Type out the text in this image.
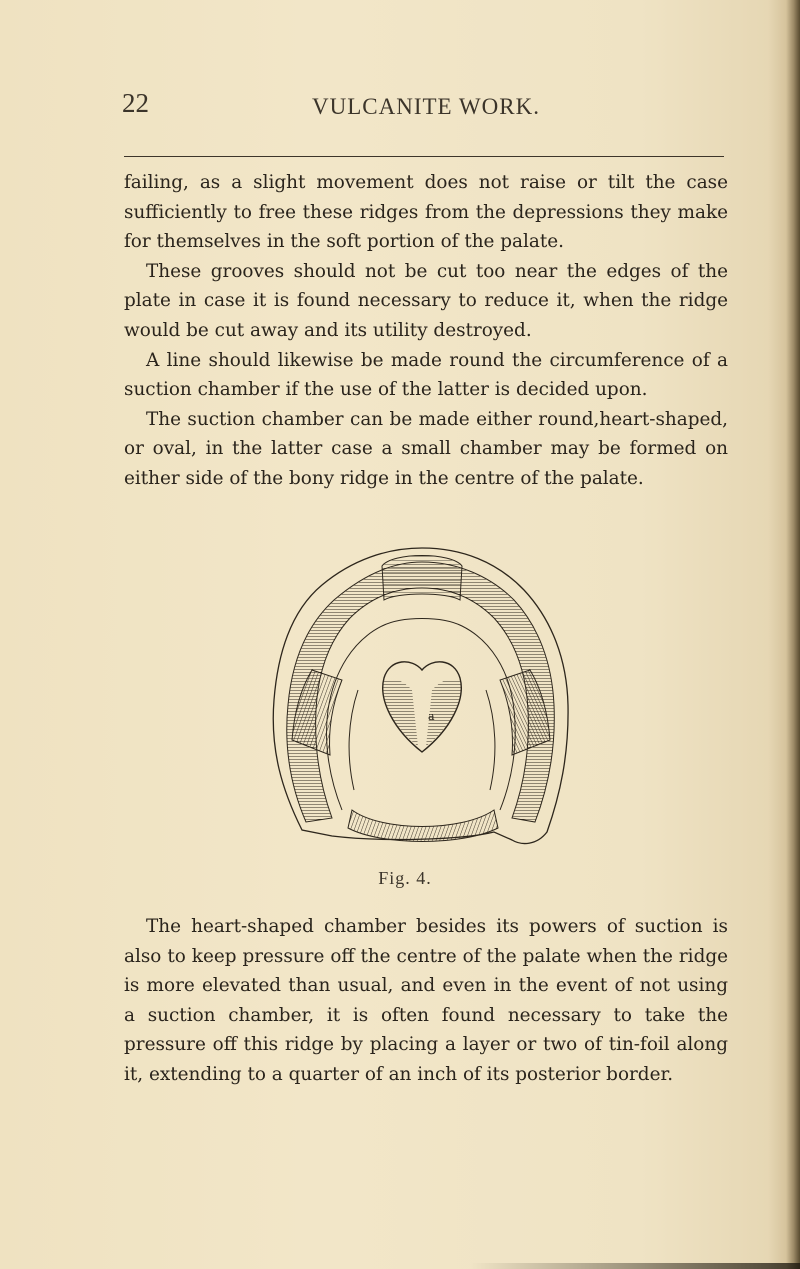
22	VULCANITE WORK.

failing, as a slight movement does not raise or tilt the case sufficiently to free these ridges from the depressions they make for themselves in the soft portion of the palate.

These grooves should not be cut too near the edges of the plate in case it is found necessary to reduce it, when the ridge would be cut away and its utility destroyed.

A line should likewise be made round the circumference of a suction chamber if the use of the latter is decided upon.

The suction chamber can be made either round,heart-shaped, or oval, in the latter case a small chamber may be formed on either side of the bony ridge in the centre of the palate.

a
Fig. 4.

The heart-shaped chamber besides its powers of suction is also to keep pressure off the centre of the palate when the ridge is more elevated than usual, and even in the event of not using a suction chamber, it is often found necessary to take the pressure off this ridge by placing a layer or two of tin-foil along it, extending to a quarter of an inch of its posterior border.
